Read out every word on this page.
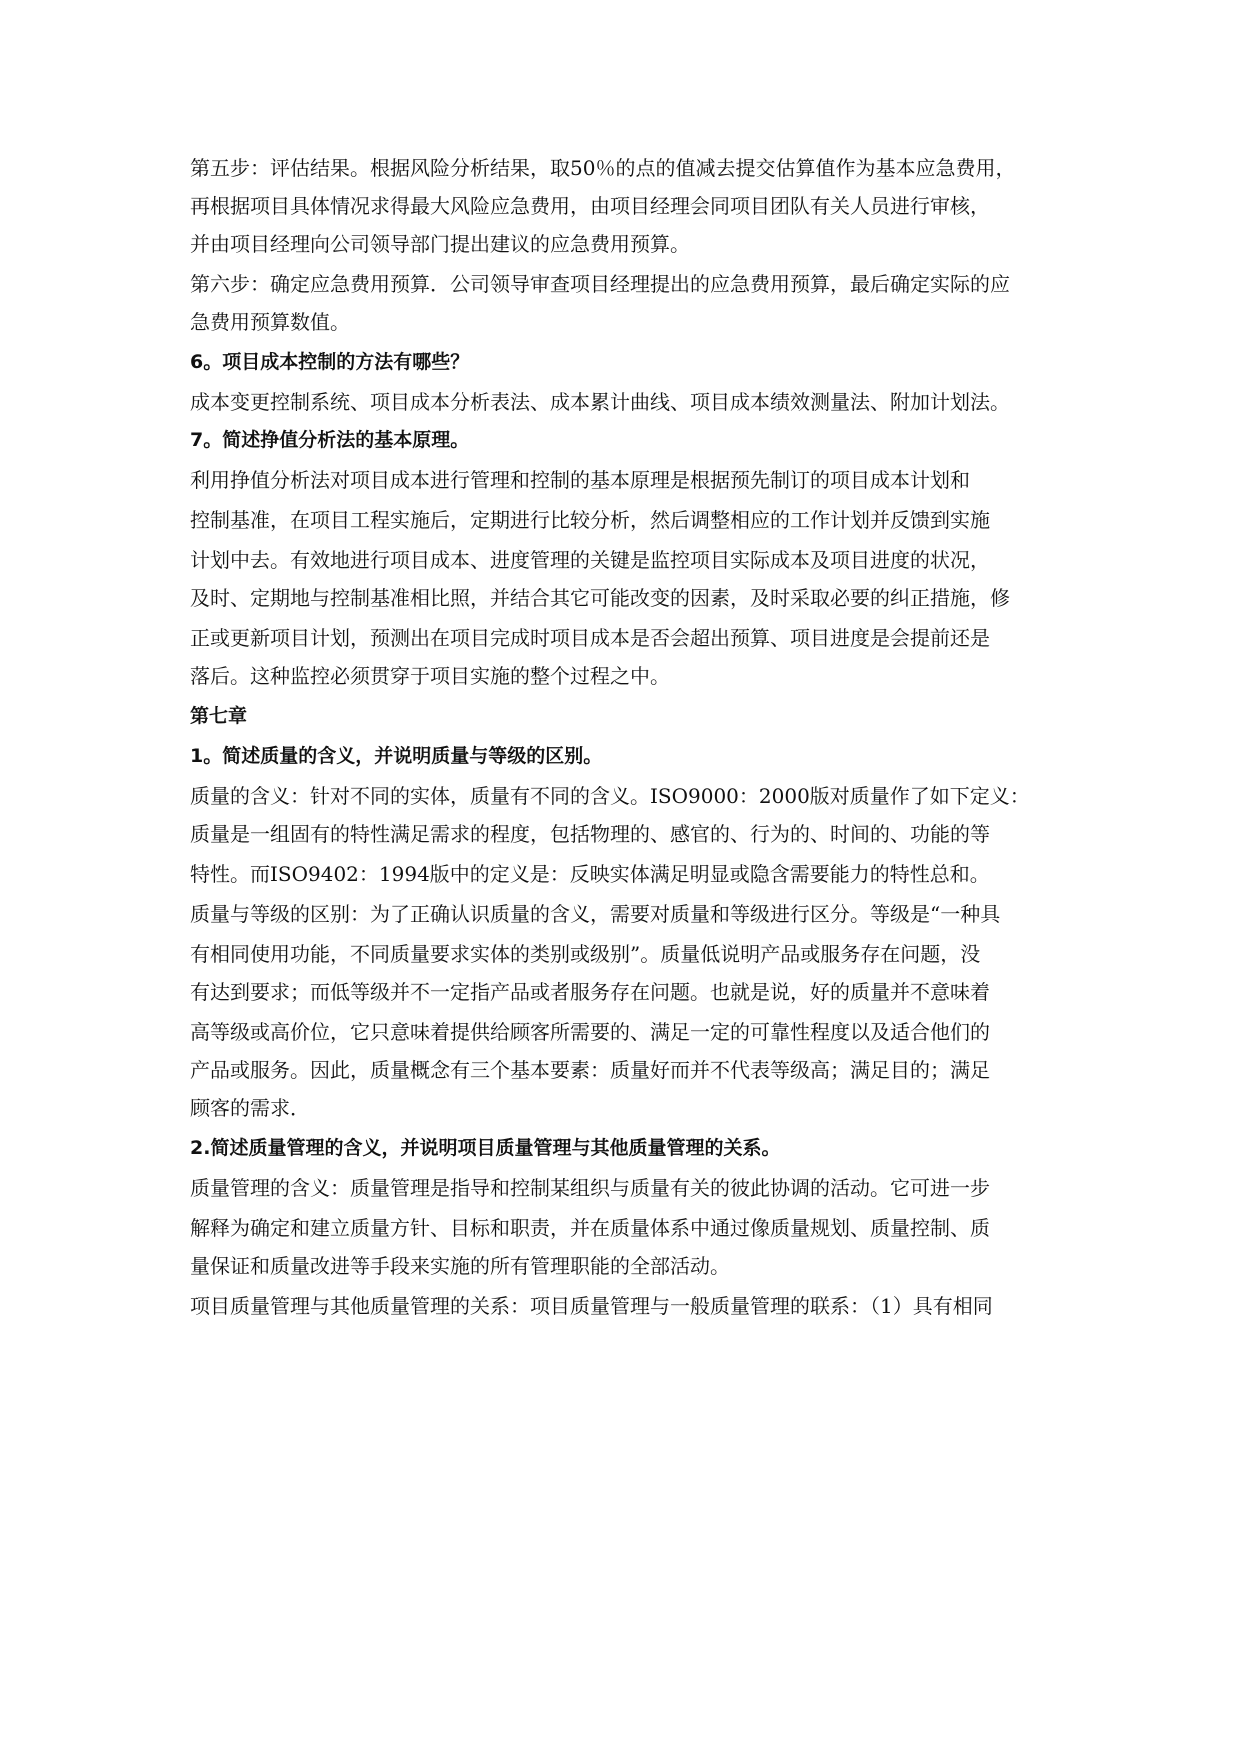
第五步：评估结果。根据风险分析结果，取50％的点的值减去提交估算值作为基本应急费用，
再根据项目具体情况求得最大风险应急费用，由项目经理会同项目团队有关人员进行审核，
并由项目经理向公司领导部门提出建议的应急费用预算。
第六步：确定应急费用预算．公司领导审查项目经理提出的应急费用预算，最后确定实际的应
急费用预算数值。
6。项目成本控制的方法有哪些？
成本变更控制系统、项目成本分析表法、成本累计曲线、项目成本绩效测量法、附加计划法。
7。简述挣值分析法的基本原理。
利用挣值分析法对项目成本进行管理和控制的基本原理是根据预先制订的项目成本计划和
控制基准，在项目工程实施后，定期进行比较分析，然后调整相应的工作计划并反馈到实施
计划中去。有效地进行项目成本、进度管理的关键是监控项目实际成本及项目进度的状况，
及时、定期地与控制基准相比照，并结合其它可能改变的因素，及时采取必要的纠正措施，修
正或更新项目计划，预测出在项目完成时项目成本是否会超出预算、项目进度是会提前还是
落后。这种监控必须贯穿于项目实施的整个过程之中。
第七章
1。简述质量的含义，并说明质量与等级的区别。
质量的含义：针对不同的实体，质量有不同的含义。ISO9000：2000版对质量作了如下定义：
质量是一组固有的特性满足需求的程度，包括物理的、感官的、行为的、时间的、功能的等
特性。而ISO9402：1994版中的定义是：反映实体满足明显或隐含需要能力的特性总和。
质量与等级的区别：为了正确认识质量的含义，需要对质量和等级进行区分。等级是“一种具
有相同使用功能，不同质量要求实体的类别或级别”。质量低说明产品或服务存在问题，没
有达到要求；而低等级并不一定指产品或者服务存在问题。也就是说，好的质量并不意味着
高等级或高价位，它只意味着提供给顾客所需要的、满足一定的可靠性程度以及适合他们的
产品或服务。因此，质量概念有三个基本要素：质量好而并不代表等级高；满足目的；满足
顾客的需求．
2.简述质量管理的含义，并说明项目质量管理与其他质量管理的关系。
质量管理的含义：质量管理是指导和控制某组织与质量有关的彼此协调的活动。它可进一步
解释为确定和建立质量方针、目标和职责，并在质量体系中通过像质量规划、质量控制、质
量保证和质量改进等手段来实施的所有管理职能的全部活动。
项目质量管理与其他质量管理的关系：项目质量管理与一般质量管理的联系：（1）具有相同
